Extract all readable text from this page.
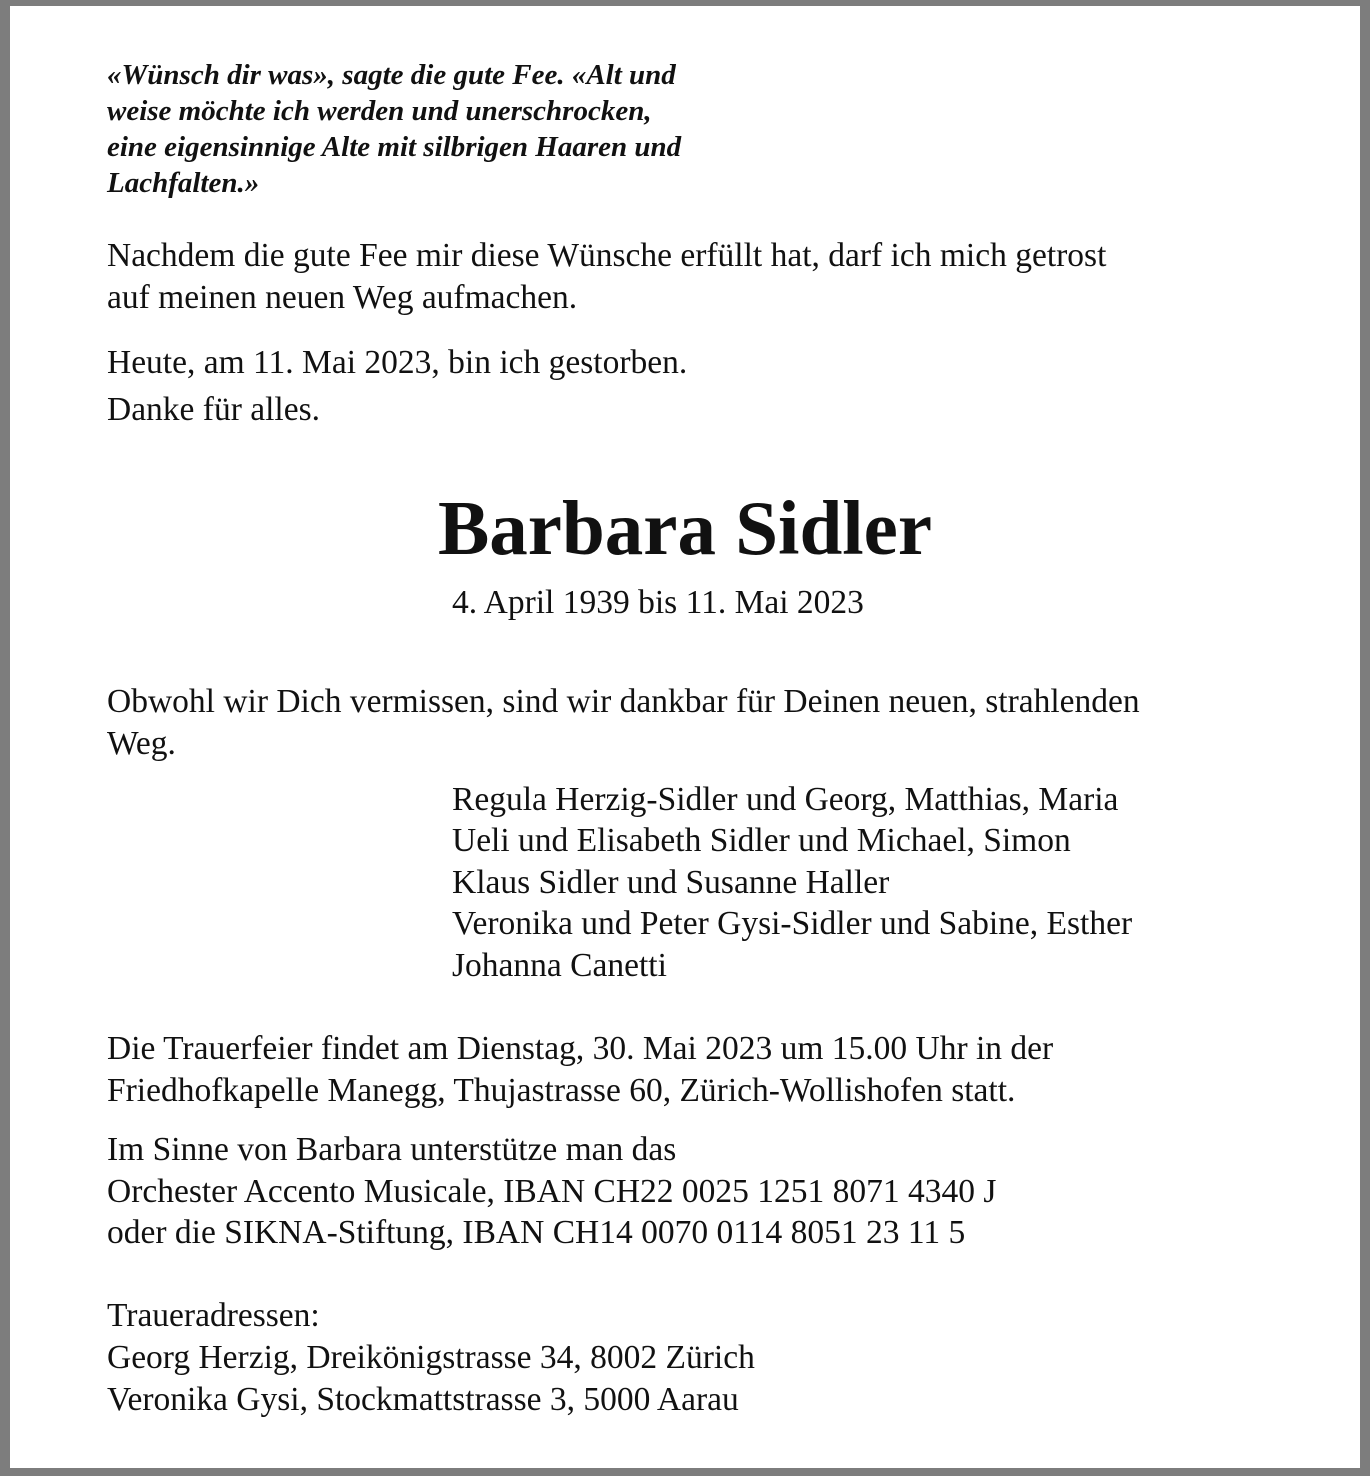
«Wünsch dir was», sagte die gute Fee. «Alt und
weise möchte ich werden und unerschrocken,
eine eigensinnige Alte mit silbrigen Haaren und
Lachfalten.»
Nachdem die gute Fee mir diese Wünsche erfüllt hat, darf ich mich getrost
auf meinen neuen Weg aufmachen.
Heute, am 11. Mai 2023, bin ich gestorben.
Danke für alles.
Barbara Sidler
4. April 1939 bis 11. Mai 2023
Obwohl wir Dich vermissen, sind wir dankbar für Deinen neuen, strahlenden
Weg.
Regula Herzig-Sidler und Georg, Matthias, Maria
Ueli und Elisabeth Sidler und Michael, Simon
Klaus Sidler und Susanne Haller
Veronika und Peter Gysi-Sidler und Sabine, Esther
Johanna Canetti
Die Trauerfeier findet am Dienstag, 30. Mai 2023 um 15.00 Uhr in der
Friedhofkapelle Manegg, Thujastrasse 60, Zürich-Wollishofen statt.
Im Sinne von Barbara unterstütze man das
Orchester Accento Musicale, IBAN CH22 0025 1251 8071 4340 J
oder die SIKNA-Stiftung, IBAN CH14 0070 0114 8051 23 11 5
Traueradressen:
Georg Herzig, Dreikönigstrasse 34, 8002 Zürich
Veronika Gysi, Stockmattstrasse 3, 5000 Aarau
